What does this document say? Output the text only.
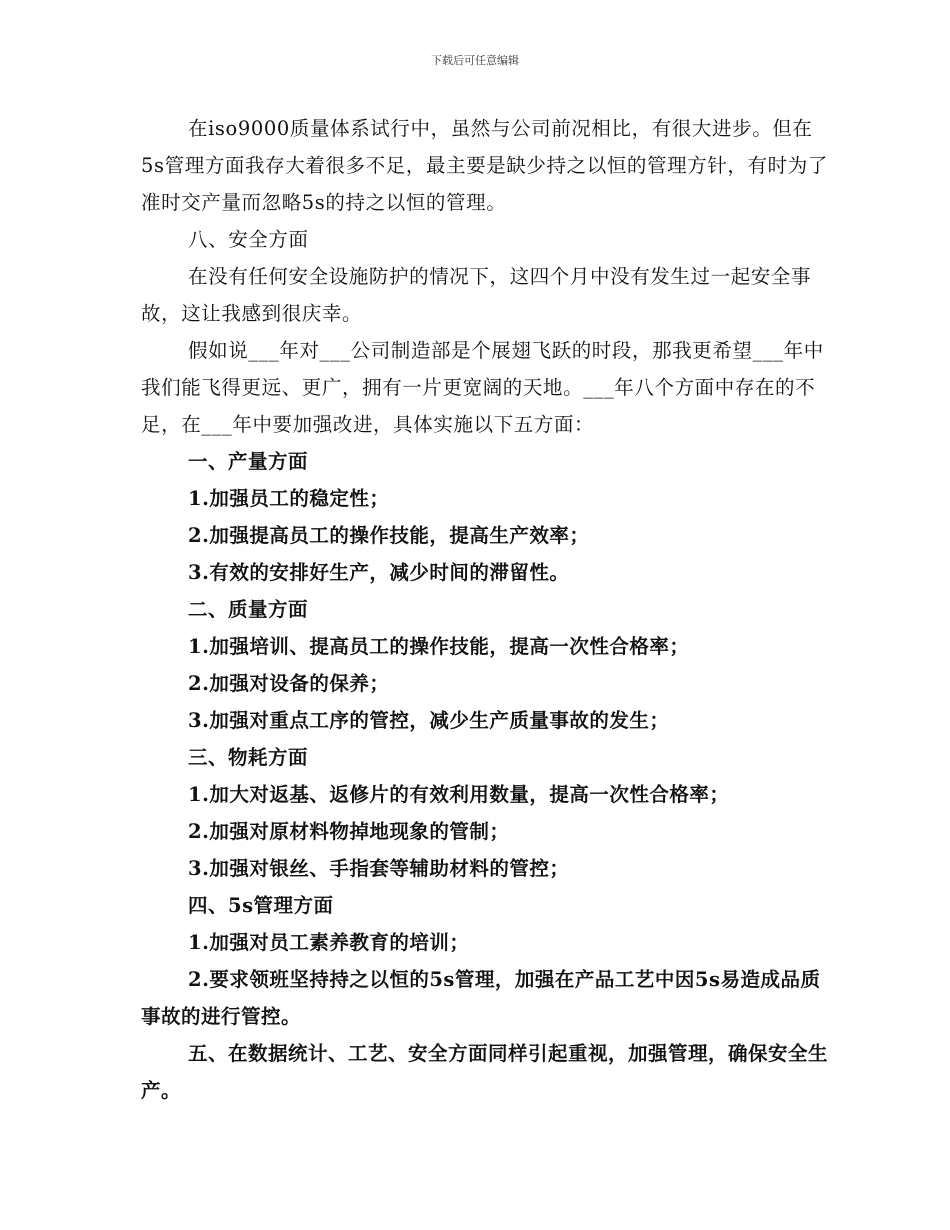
下载后可任意编辑

在iso9000质量体系试行中，虽然与公司前况相比，有很大进步。但在5s管理方面我存大着很多不足，最主要是缺少持之以恒的管理方针，有时为了准时交产量而忽略5s的持之以恒的管理。

八、安全方面

在没有任何安全设施防护的情况下，这四个月中没有发生过一起安全事故，这让我感到很庆幸。

假如说___年对___公司制造部是个展翅飞跃的时段，那我更希望___年中我们能飞得更远、更广，拥有一片更宽阔的天地。___年八个方面中存在的不足，在___年中要加强改进，具体实施以下五方面：

一、产量方面

1.加强员工的稳定性；

2.加强提高员工的操作技能，提高生产效率；

3.有效的安排好生产，减少时间的滞留性。

二、质量方面

1.加强培训、提高员工的操作技能，提高一次性合格率；

2.加强对设备的保养；

3.加强对重点工序的管控，减少生产质量事故的发生；

三、物耗方面

1.加大对返基、返修片的有效利用数量，提高一次性合格率；

2.加强对原材料物掉地现象的管制；

3.加强对银丝、手指套等辅助材料的管控；

四、5s管理方面

1.加强对员工素养教育的培训；

2.要求领班坚持持之以恒的5s管理，加强在产品工艺中因5s易造成品质事故的进行管控。

五、在数据统计、工艺、安全方面同样引起重视，加强管理，确保安全生产。
